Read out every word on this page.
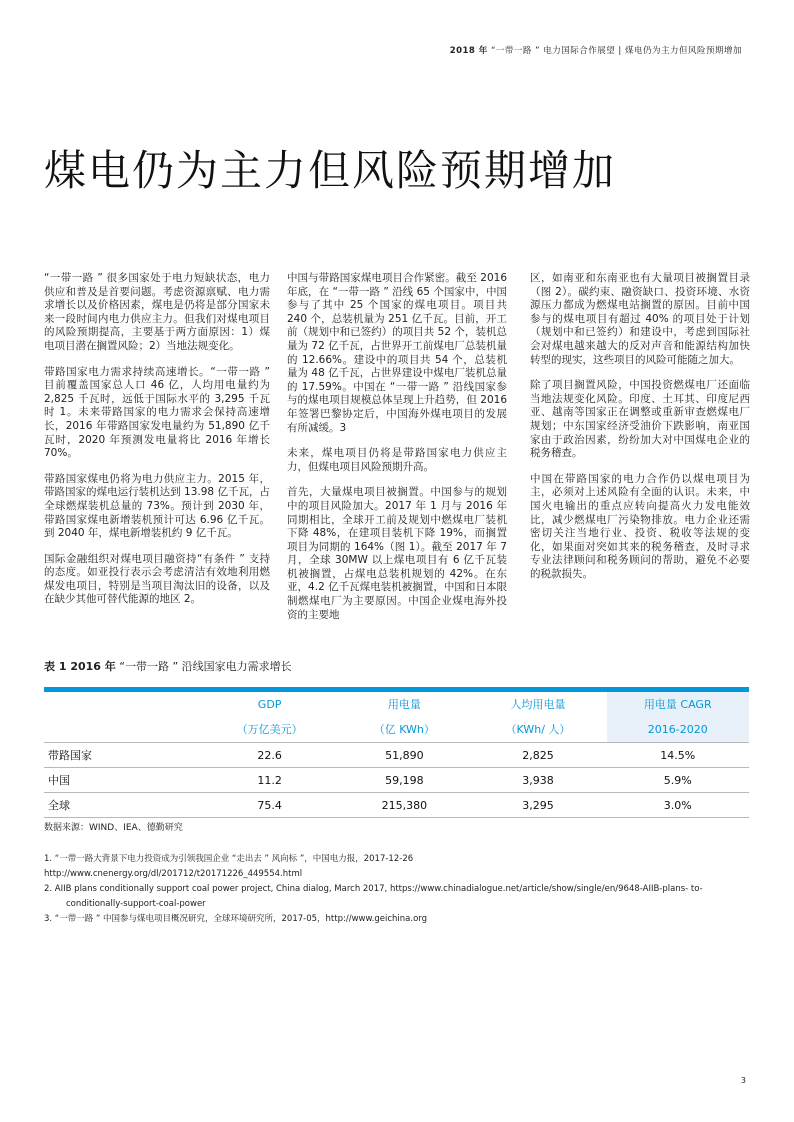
2018 年 “一带一路 ” 电力国际合作展望 | 煤电仍为主力但风险预期增加
煤电仍为主力但风险预期增加

“一带一路 ” 很多国家处于电力短缺状态，电力供应和普及是首要问题。考虑资源禀赋、电力需求增长以及价格因素，煤电是仍将是部分国家未来一段时间内电力供应主力。但我们对煤电项目的风险预期提高，主要基于两方面原因：1）煤电项目潜在搁置风险；2）当地法规变化。

带路国家电力需求持续高速增长。“一带一路 ” 目前覆盖国家总人口 46 亿，人均用电量约为 2,825 千瓦时，远低于国际水平的 3,295 千瓦时 1。未来带路国家的电力需求会保持高速增长，2016 年带路国家发电量约为 51,890 亿千瓦时，2020 年预测发电量将比 2016 年增长 70%。

带路国家煤电仍将为电力供应主力。2015 年，带路国家的煤电运行装机达到 13.98 亿千瓦，占全球燃煤装机总量的 73%。预计到 2030 年，带路国家煤电新增装机预计可达 6.96 亿千瓦。到 2040 年，煤电新增装机约 9 亿千瓦。

国际金融组织对煤电项目融资持“有条件 ” 支持的态度。如亚投行表示会考虑清洁有效地利用燃煤发电项目，特别是当项目淘汰旧的设备，以及在缺少其他可替代能源的地区 2。

中国与带路国家煤电项目合作紧密。截至 2016 年底，在 “一带一路 ” 沿线 65 个国家中，中国参与了其中 25 个国家的煤电项目。项目共 240 个，总装机量为 251 亿千瓦。目前，开工前（规划中和已签约）的项目共 52 个，装机总量为 72 亿千瓦，占世界开工前煤电厂总装机量的 12.66%。建设中的项目共 54 个，总装机量为 48 亿千瓦，占世界建设中煤电厂装机总量的 17.59%。中国在 “一带一路 ” 沿线国家参与的煤电项目规模总体呈现上升趋势，但 2016 年签署巴黎协定后，中国海外煤电项目的发展有所减缓。3

未来，煤电项目仍将是带路国家电力供应主力，但煤电项目风险预期升高。

首先，大量煤电项目被搁置。中国参与的规划中的项目风险加大。2017 年 1 月与 2016 年同期相比，全球开工前及规划中燃煤电厂装机下降 48%，在建项目装机下降 19%，而搁置项目为同期的 164%（图 1）。截至 2017 年 7 月，全球 30MW 以上煤电项目有 6 亿千瓦装机被搁置，占煤电总装机规划的 42%。在东亚，4.2 亿千瓦煤电装机被搁置，中国和日本限制燃煤电厂为主要原因。中国企业煤电海外投资的主要地

区，如南亚和东南亚也有大量项目被搁置目录（图 2）。碳约束、融资缺口、投资环境、水资源压力都成为燃煤电站搁置的原因。目前中国参与的煤电项目有超过 40% 的项目处于计划（规划中和已签约）和建设中，考虑到国际社会对煤电越来越大的反对声音和能源结构加快转型的现实，这些项目的风险可能随之加大。

除了项目搁置风险，中国投资燃煤电厂还面临当地法规变化风险。印度、土耳其、印度尼西亚、越南等国家正在调整或重新审查燃煤电厂规划；中东国家经济受油价下跌影响，南亚国家由于政治因素，纷纷加大对中国煤电企业的税务稽查。

中国在带路国家的电力合作仍以煤电项目为主，必须对上述风险有全面的认识。未来，中国火电输出的重点应转向提高火力发电能效比，减少燃煤电厂污染物排放。电力企业还需密切关注当地行业、投资、税收等法规的变化，如果面对突如其来的税务稽查，及时寻求专业法律顾问和税务顾问的帮助，避免不必要的税款损失。

表 1 2016 年 “一带一路 ” 沿线国家电力需求增长
	GDP	用电量	人均用电量	用电量 CAGR
	（万亿美元）	（亿 KWh）	（KWh/ 人）	2016-2020
带路国家	22.6	51,890	2,825	14.5%
中国	11.2	59,198	3,938	5.9%
全球	75.4	215,380	3,295	3.0%
数据来源：WIND、IEA、德勤研究
1. “一带一路大背景下电力投资成为引领我国企业 “走出去 ” 风向标 ”，中国电力报，2017-12-26
http://www.cnenergy.org/dl/201712/t20171226_449554.html
2. AIIB plans conditionally support coal power project, China dialog, March 2017, https://www.chinadialogue.net/article/show/single/en/9648-AIIB-plans- to-
conditionally-support-coal-power
3. “一带一路 ” 中国参与煤电项目概况研究，全球环境研究所，2017-05，http://www.geichina.org
3
